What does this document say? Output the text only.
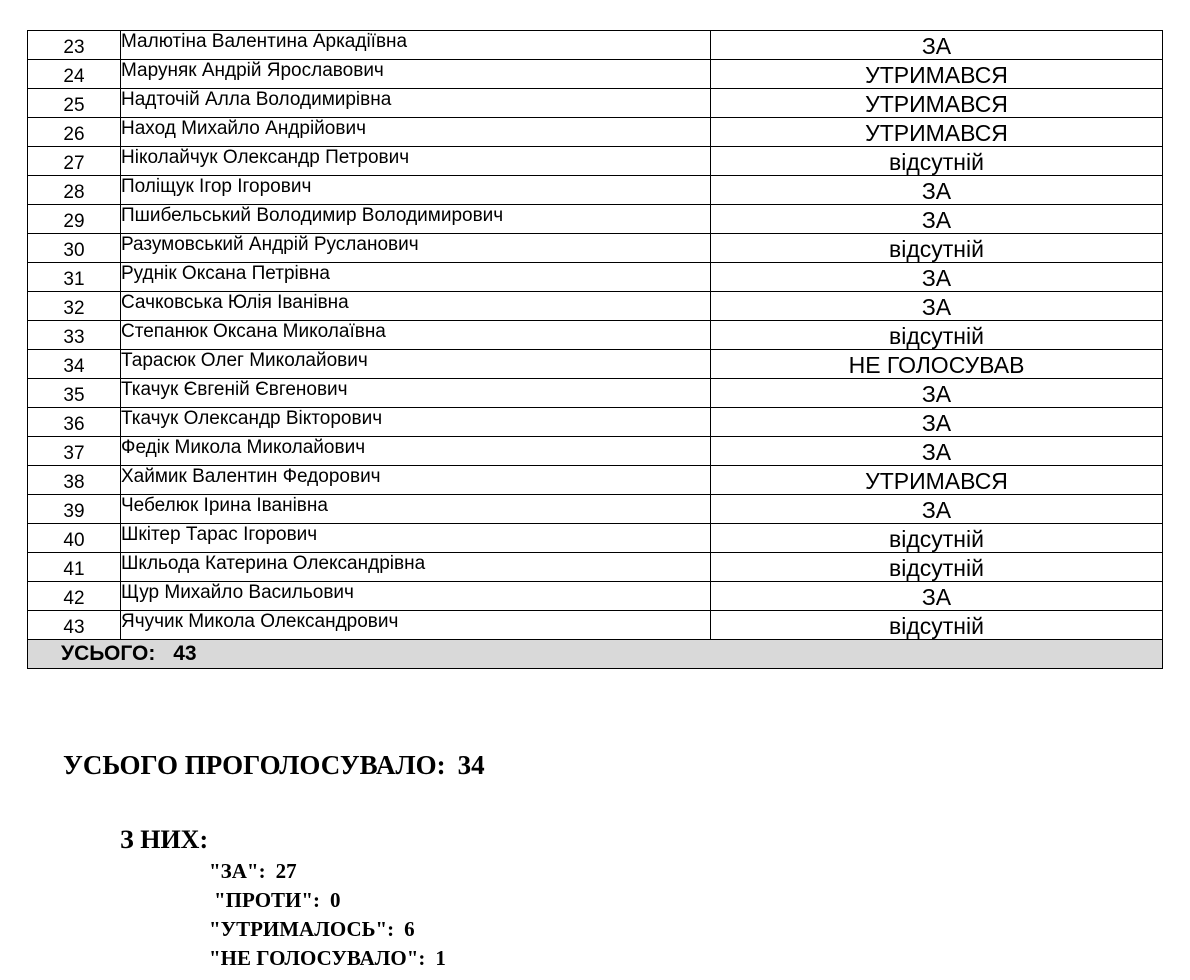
23	Малютіна Валентина Аркадіївна	ЗА
24	Маруняк Андрій Ярославович	УТРИМАВСЯ
25	Надточій Алла Володимирівна	УТРИМАВСЯ
26	Наход Михайло Андрійович	УТРИМАВСЯ
27	Ніколайчук Олександр Петрович	відсутній
28	Поліщук Ігор Ігорович	ЗА
29	Пшибельський Володимир Володимирович	ЗА
30	Разумовський Андрій Русланович	відсутній
31	Руднік Оксана Петрівна	ЗА
32	Сачковська Юлія Іванівна	ЗА
33	Степанюк Оксана Миколаївна	відсутній
34	Тарасюк Олег Миколайович	НЕ ГОЛОСУВАВ
35	Ткачук Євгеній Євгенович	ЗА
36	Ткачук Олександр Вікторович	ЗА
37	Федік Микола Миколайович	ЗА
38	Хаймик Валентин Федорович	УТРИМАВСЯ
39	Чебелюк Ірина Іванівна	ЗА
40	Шкітер Тарас Ігорович	відсутній
41	Шкльода Катерина Олександрівна	відсутній
42	Щур Михайло Васильович	ЗА
43	Ячучик Микола Олександрович	відсутній
УСЬОГО: 43		
УСЬОГО ПРОГОЛОСУВАЛО: 34
З НИХ:
"ЗА": 27
"ПРОТИ": 0
"УТРИМАЛОСЬ": 6
"НЕ ГОЛОСУВАЛО": 1
